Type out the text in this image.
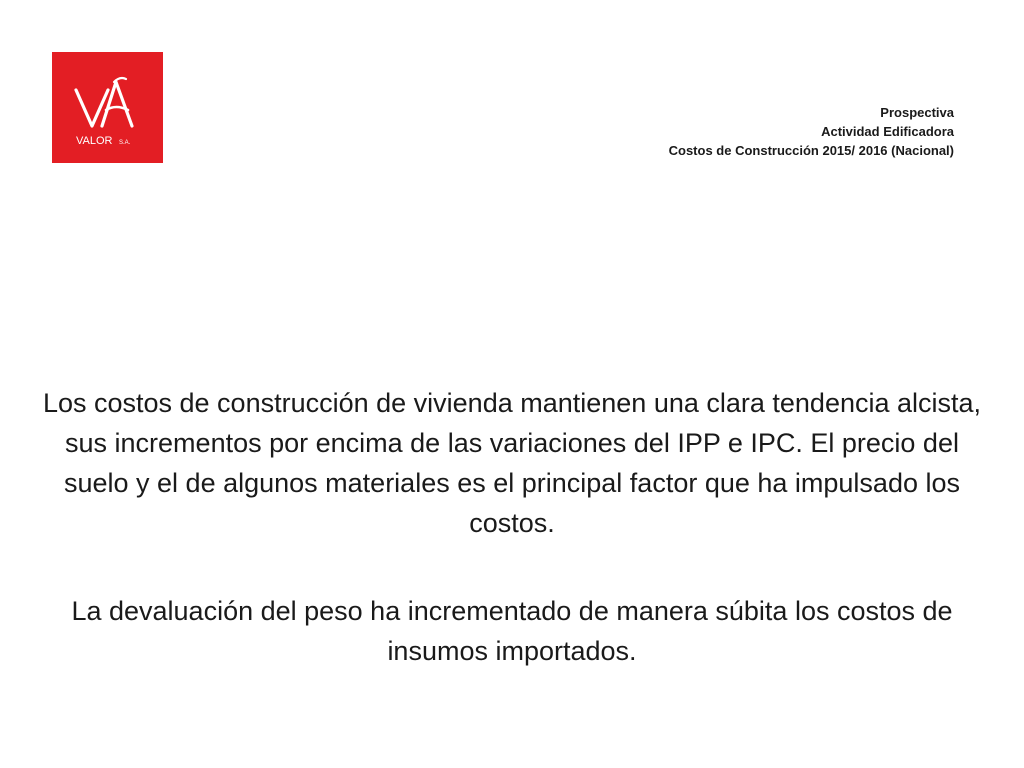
VALOR S.A.
Prospectiva
Actividad Edificadora
Costos de Construcción 2015/ 2016 (Nacional)

Los costos de construcción de vivienda mantienen una clara tendencia alcista, sus incrementos por encima de las variaciones del IPP e IPC. El precio del suelo y el de algunos materiales es el principal factor que ha impulsado los costos.

La devaluación del peso ha incrementado de manera súbita los costos de insumos importados.
